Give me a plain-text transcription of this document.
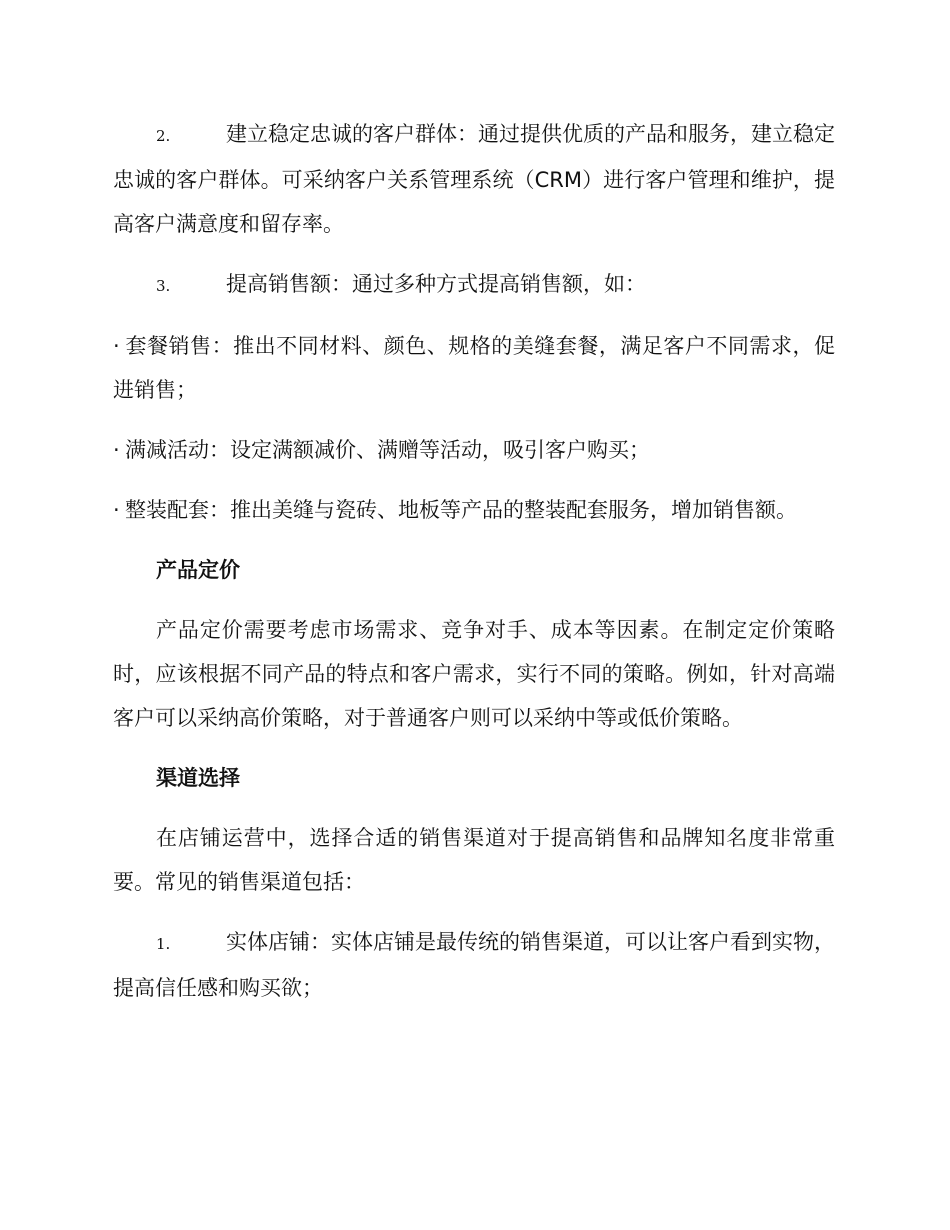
2.	建立稳定忠诚的客户群体：通过提供优质的产品和服务，建立稳定忠诚的客户群体。可采纳客户关系管理系统（CRM）进行客户管理和维护，提高客户满意度和留存率。

3.	提高销售额：通过多种方式提高销售额，如：

· 套餐销售：推出不同材料、颜色、规格的美缝套餐，满足客户不同需求，促进销售；

· 满减活动：设定满额减价、满赠等活动，吸引客户购买；

· 整装配套：推出美缝与瓷砖、地板等产品的整装配套服务，增加销售额。

产品定价

产品定价需要考虑市场需求、竞争对手、成本等因素。在制定定价策略时，应该根据不同产品的特点和客户需求，实行不同的策略。例如，针对高端客户可以采纳高价策略，对于普通客户则可以采纳中等或低价策略。

渠道选择

在店铺运营中，选择合适的销售渠道对于提高销售和品牌知名度非常重要。常见的销售渠道包括：

1.	实体店铺：实体店铺是最传统的销售渠道，可以让客户看到实物，提高信任感和购买欲；
